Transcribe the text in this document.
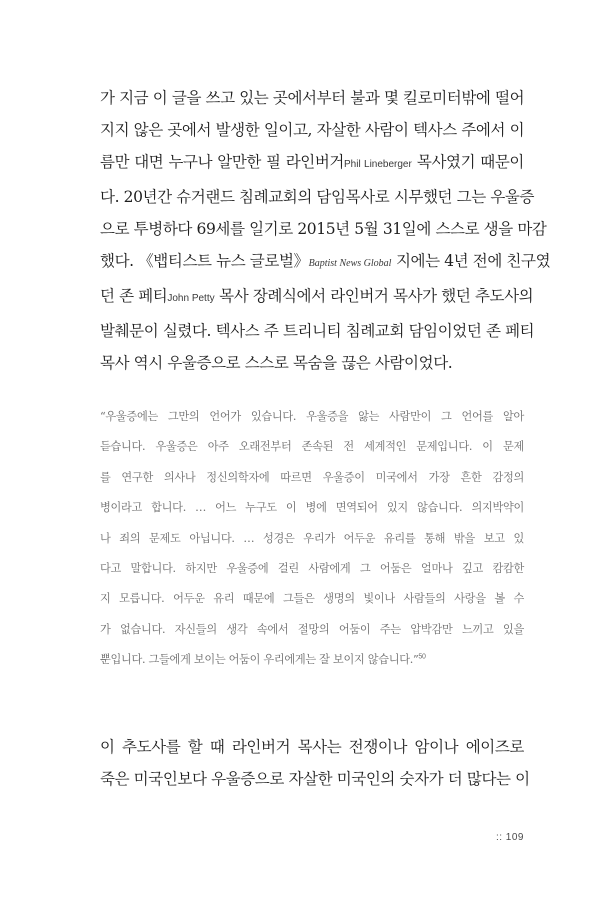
가 지금 이 글을 쓰고 있는 곳에서부터 불과 몇 킬로미터밖에 떨어
지지 않은 곳에서 발생한 일이고, 자살한 사람이 텍사스 주에서 이
름만 대면 누구나 알만한 필 라인버거Phil Lineberger 목사였기 때문이
다. 20년간 슈거랜드 침례교회의 담임목사로 시무했던 그는 우울증
으로 투병하다 69세를 일기로 2015년 5월 31일에 스스로 생을 마감
했다. 《뱁티스트 뉴스 글로벌》Baptist News Global 지에는 4년 전에 친구였
던 존 페티John Petty 목사 장례식에서 라인버거 목사가 했던 추도사의
발췌문이 실렸다. 텍사스 주 트리니티 침례교회 담임이었던 존 페티
목사 역시 우울증으로 스스로 목숨을 끊은 사람이었다.
“우울증에는 그만의 언어가 있습니다. 우울증을 앓는 사람만이 그 언어를 알아
듣습니다. 우울증은 아주 오래전부터 존속된 전 세계적인 문제입니다. 이 문제
를 연구한 의사나 정신의학자에 따르면 우울증이 미국에서 가장 흔한 감정의
병이라고 합니다. … 어느 누구도 이 병에 면역되어 있지 않습니다. 의지박약이
나 죄의 문제도 아닙니다. … 성경은 우리가 어두운 유리를 통해 밖을 보고 있
다고 말합니다. 하지만 우울증에 걸린 사람에게 그 어둠은 얼마나 깊고 캄캄한
지 모릅니다. 어두운 유리 때문에 그들은 생명의 빛이나 사람들의 사랑을 볼 수
가 없습니다. 자신들의 생각 속에서 절망의 어둠이 주는 압박감만 느끼고 있을
뿐입니다. 그들에게 보이는 어둠이 우리에게는 잘 보이지 않습니다.”$^{50}$
이 추도사를 할 때 라인버거 목사는 전쟁이나 암이나 에이즈로
죽은 미국인보다 우울증으로 자살한 미국인의 숫자가 더 많다는 이
:: 109
